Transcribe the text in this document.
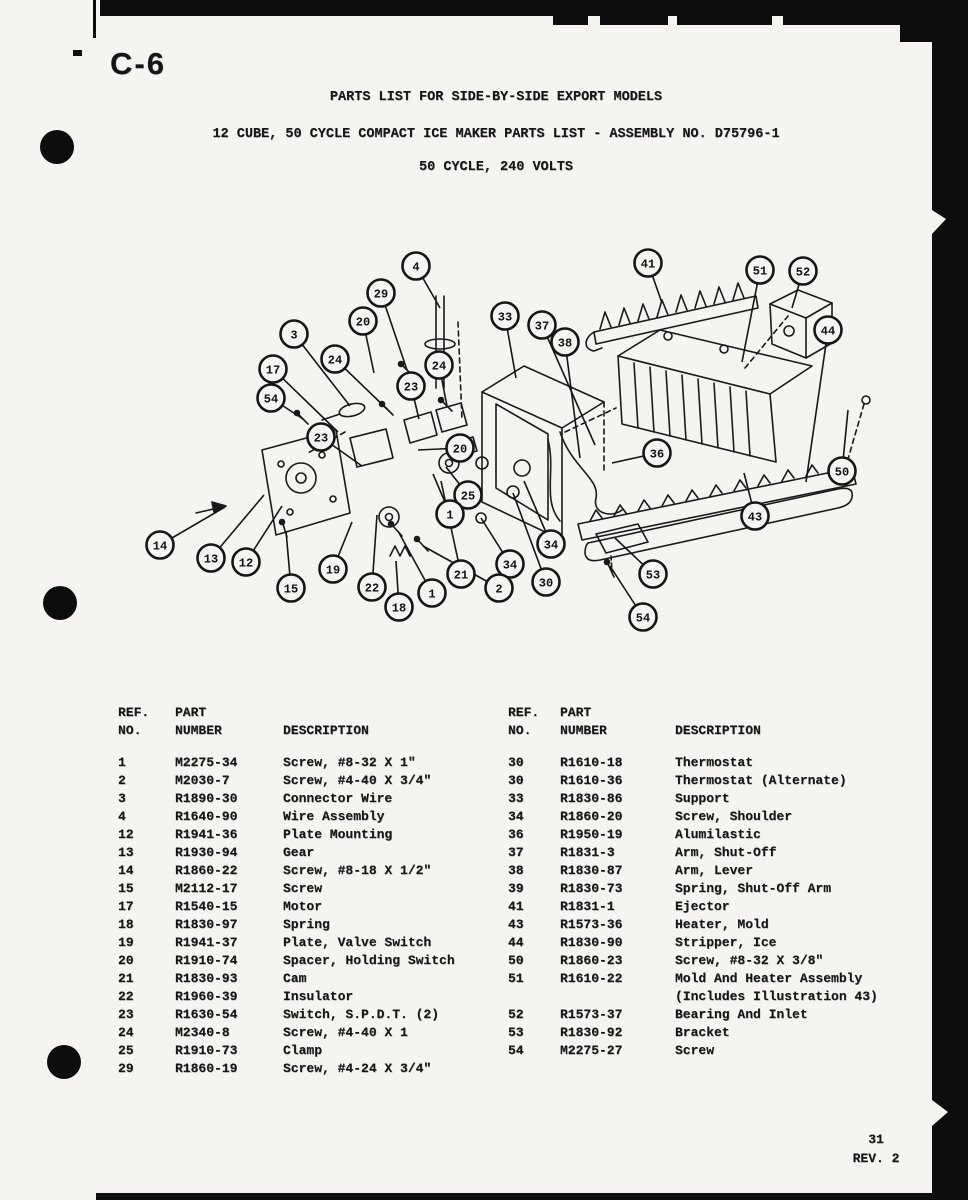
C-6
PARTS LIST FOR SIDE-BY-SIDE EXPORT MODELS
12 CUBE, 50 CYCLE COMPACT ICE MAKER PARTS LIST - ASSEMBLY NO. D75796-1
50 CYCLE, 240 VOLTS
4
29
20
3
24
17
54
23
24
23
33
37
38
41	51 52
44
20
25
1
36
50
43
53
54
34
30
34
2
21
1
18
22
19
15
12
13
14
REF.	PART
NO.	NUMBER	DESCRIPTION
1	M2275-34	Screw, #8-32 X 1"
2	M2030-7	Screw, #4-40 X 3/4"
3	R1890-30	Connector Wire
4	R1640-90	Wire Assembly
12	R1941-36	Plate Mounting
13	R1930-94	Gear
14	R1860-22	Screw, #8-18 X 1/2"
15	M2112-17	Screw
17	R1540-15	Motor
18	R1830-97	Spring
19	R1941-37	Plate, Valve Switch
20	R1910-74	Spacer, Holding Switch
21	R1830-93	Cam
22	R1960-39	Insulator
23	R1630-54	Switch, S.P.D.T. (2)
24	M2340-8	Screw, #4-40 X 1
25	R1910-73	Clamp
29	R1860-19	Screw, #4-24 X 3/4"
REF.	PART
NO.	NUMBER	DESCRIPTION
30	R1610-18	Thermostat
30	R1610-36	Thermostat (Alternate)
33	R1830-86	Support
34	R1860-20	Screw, Shoulder
36	R1950-19	Alumilastic
37	R1831-3	Arm, Shut-Off
38	R1830-87	Arm, Lever
39	R1830-73	Spring, Shut-Off Arm
41	R1831-1	Ejector
43	R1573-36	Heater, Mold
44	R1830-90	Stripper, Ice
50	R1860-23	Screw, #8-32 X 3/8"
51	R1610-22	Mold And Heater Assembly
(Includes Illustration 43)
52	R1573-37	Bearing And Inlet
53	R1830-92	Bracket
54	M2275-27	Screw
31
REV. 2
